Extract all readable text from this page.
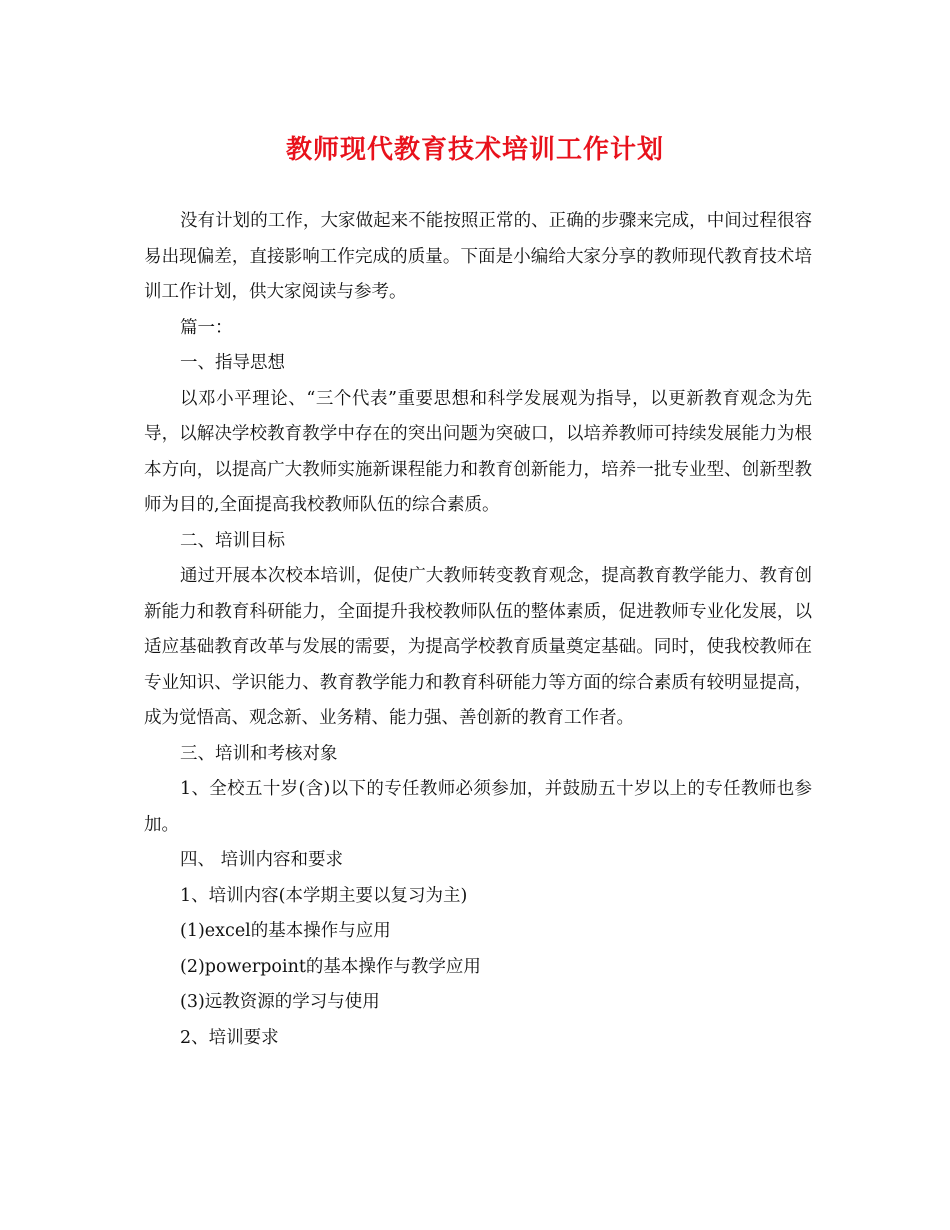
教师现代教育技术培训工作计划

没有计划的工作，大家做起来不能按照正常的、正确的步骤来完成，中间过程很容易出现偏差，直接影响工作完成的质量。下面是小编给大家分享的教师现代教育技术培训工作计划，供大家阅读与参考。

篇一：

一、指导思想

以邓小平理论、“三个代表”重要思想和科学发展观为指导，以更新教育观念为先导，以解决学校教育教学中存在的突出问题为突破口，以培养教师可持续发展能力为根本方向，以提高广大教师实施新课程能力和教育创新能力，培养一批专业型、创新型教师为目的,全面提高我校教师队伍的综合素质。

二、培训目标

通过开展本次校本培训，促使广大教师转变教育观念，提高教育教学能力、教育创新能力和教育科研能力，全面提升我校教师队伍的整体素质，促进教师专业化发展，以适应基础教育改革与发展的需要，为提高学校教育质量奠定基础。同时，使我校教师在专业知识、学识能力、教育教学能力和教育科研能力等方面的综合素质有较明显提高，成为觉悟高、观念新、业务精、能力强、善创新的教育工作者。

三、培训和考核对象

1、全校五十岁(含)以下的专任教师必须参加，并鼓励五十岁以上的专任教师也参加。

四、 培训内容和要求

1、培训内容(本学期主要以复习为主)

(1)excel的基本操作与应用

(2)powerpoint的基本操作与教学应用

(3)远教资源的学习与使用

2、培训要求
